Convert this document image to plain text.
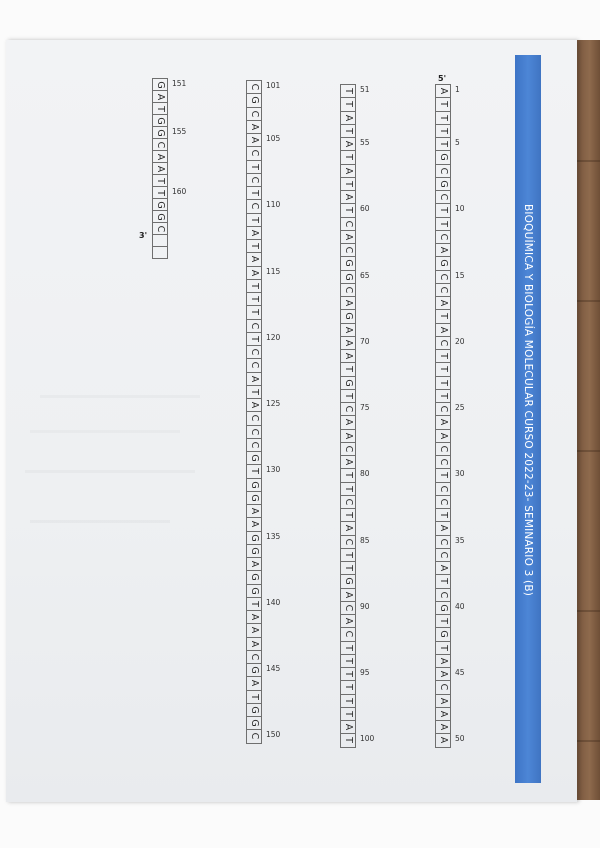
BIOQUÍMICA Y BIOLOGÍA MOLECULAR CURSO 2022-23- SEMINARIO 3 (B)
A
T
T
T
T
G
C
G
C
T
T
C
A
G
C
C
A
T
A
C
T
T
T
T
C
A
A
C
C
T
C
C
T
A
C
C
A
T
C
G
T
G
T
A
A
C
A
A
A
A
1
5
10
15
20
25
30
35
40
45
50
T
T
A
T
A
T
A
T
A
T
C
A
C
G
G
C
A
G
A
A
A
T
G
T
C
A
A
C
A
T
T
C
T
A
C
T
T
G
A
C
A
C
T
T
T
T
T
T
A
T
51
55
60
65
70
75
80
85
90
95
100
C
G
C
A
A
C
T
C
T
C
T
A
T
A
A
T
T
T
C
T
C
C
A
T
A
C
C
C
G
T
G
G
A
A
G
G
A
G
G
T
A
A
A
C
G
A
T
G
G
C
101
105
110
115
120
125
130
135
140
145
150
G
A
T
G
G
C
A
A
T
T
G
G
C
151
155
160
5'
3'
